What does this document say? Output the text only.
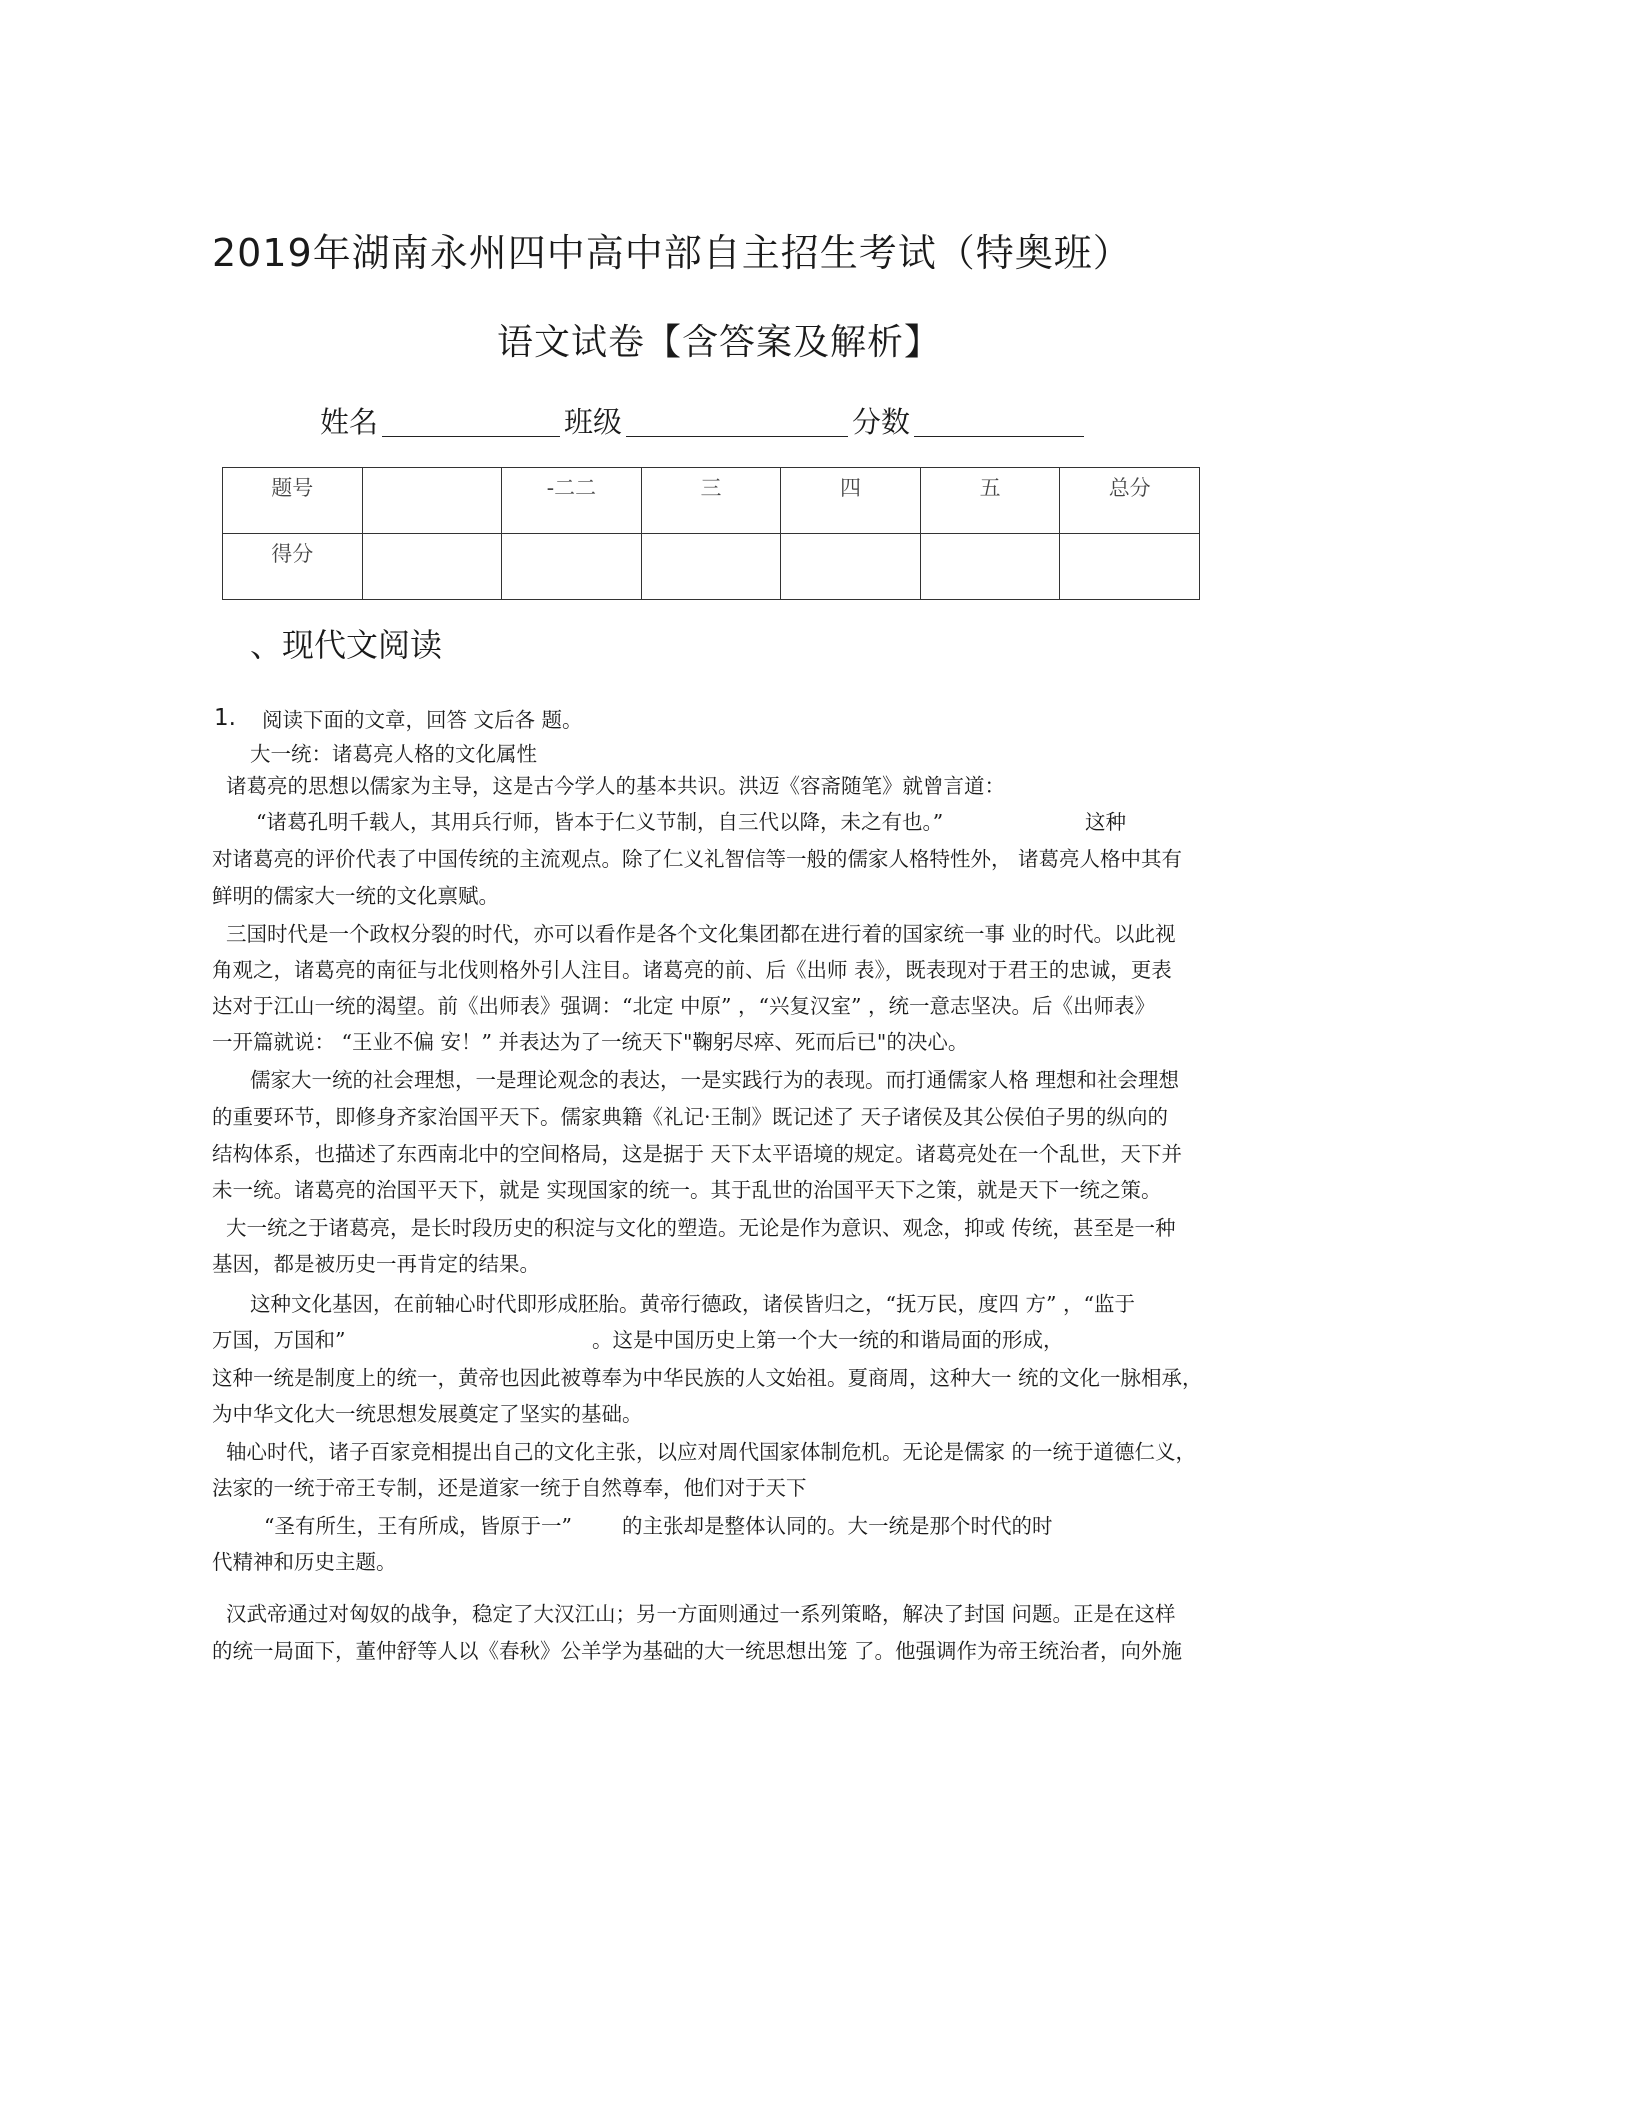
2019年湖南永州四中高中部自主招生考试（特奥班）
语文试卷【含答案及解析】
姓名	班级	分数
题号		-二二	三	四	五	总分
得分						
、现代文阅读
1. 阅读下面的文章，回答 文后各 题。
大一统：诸葛亮人格的文化属性
诸葛亮的思想以儒家为主导，这是古今学人的基本共识。洪迈《容斋随笔》就曾言道：
“诸葛孔明千载人，其用兵行师，皆本于仁义节制，自三代以降，未之有也。”	这种
对诸葛亮的评价代表了中国传统的主流观点。除了仁义礼智信等一般的儒家人格特性外， 诸葛亮人格中其有
鲜明的儒家大一统的文化禀赋。
三国时代是一个政权分裂的时代，亦可以看作是各个文化集团都在进行着的国家统一事 业的时代。以此视
角观之，诸葛亮的南征与北伐则格外引人注目。诸葛亮的前、后《出师 表》，既表现对于君王的忠诚，更表
达对于江山一统的渴望。前《出师表》强调：“北定 中原” ，“兴复汉室” ，统一意志坚决。后《出师表》
一开篇就说： “王业不偏 安！” 并表达为了一统天下"鞠躬尽瘁、死而后已"的决心。
儒家大一统的社会理想，一是理论观念的表达，一是实践行为的表现。而打通儒家人格 理想和社会理想
的重要环节，即修身齐家治国平天下。儒家典籍《礼记·王制》既记述了 天子诸侯及其公侯伯子男的纵向的
结构体系，也描述了东西南北中的空间格局，这是据于 天下太平语境的规定。诸葛亮处在一个乱世，天下并
未一统。诸葛亮的治国平天下，就是 实现国家的统一。其于乱世的治国平天下之策，就是天下一统之策。
大一统之于诸葛亮，是长时段历史的积淀与文化的塑造。无论是作为意识、观念，抑或 传统，甚至是一种
基因，都是被历史一再肯定的结果。
这种文化基因，在前轴心时代即形成胚胎。黄帝行德政，诸侯皆归之，“抚万民，度四 方” ，“监于
万国，万国和”	。这是中国历史上第一个大一统的和谐局面的形成，
这种一统是制度上的统一，黄帝也因此被尊奉为中华民族的人文始祖。夏商周，这种大一 统的文化一脉相承，
为中华文化大一统思想发展奠定了坚实的基础。
轴心时代，诸子百家竞相提出自己的文化主张，以应对周代国家体制危机。无论是儒家 的一统于道德仁义，
法家的一统于帝王专制，还是道家一统于自然尊奉，他们对于天下
“圣有所生，王有所成，皆原于一” 的主张却是整体认同的。大一统是那个时代的时
代精神和历史主题。
汉武帝通过对匈奴的战争，稳定了大汉江山；另一方面则通过一系列策略，解决了封国 问题。正是在这样
的统一局面下，董仲舒等人以《春秋》公羊学为基础的大一统思想出笼 了。他强调作为帝王统治者，向外施
